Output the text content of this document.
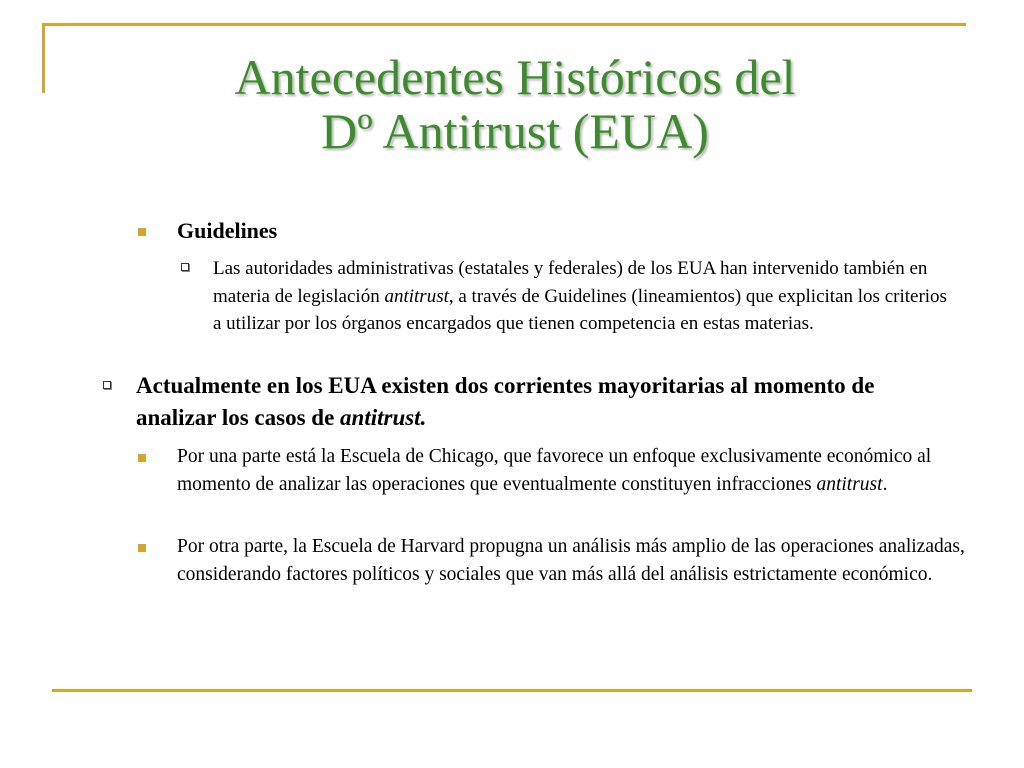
Antecedentes Históricos del
Dº Antitrust (EUA)

Guidelines

Las autoridades administrativas (estatales y federales) de los EUA han intervenido también en materia de legislación antitrust, a través de Guidelines (lineamientos) que explicitan los criterios a utilizar por los órganos encargados que tienen competencia en estas materias.

Actualmente en los EUA existen dos corrientes mayoritarias al momento de analizar los casos de antitrust.

Por una parte está la Escuela de Chicago, que favorece un enfoque exclusivamente económico al momento de analizar las operaciones que eventualmente constituyen infracciones antitrust.

Por otra parte, la Escuela de Harvard propugna un análisis más amplio de las operaciones analizadas, considerando factores políticos y sociales que van más allá del análisis estrictamente económico.
